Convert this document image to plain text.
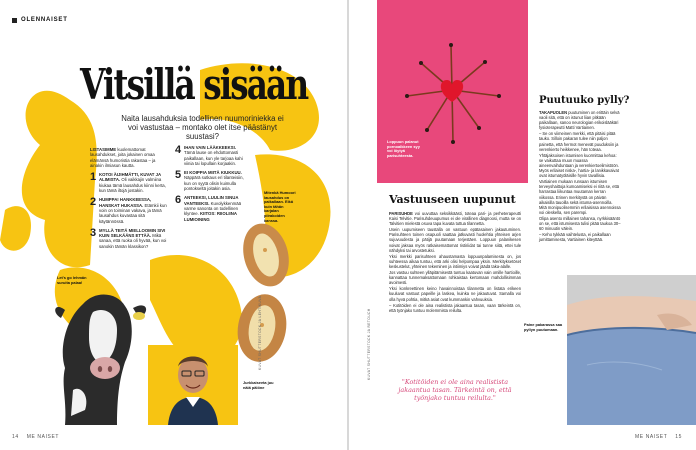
OLENNAISET
Vitsillä sisään
Naita lausahduksia todellinen nuumoriniekka ei voi vastustaa – montako olet itse päästänyt suustasi?
LISTASIMME kuolemattomat lausahdukset, joita jokainen omaa elämänsä humoristia rakastaa – ja ainakin ilmiasun kautta.
1 KOTOI ÄIJIHMÄTTI, KUVAT JA ALIMISTA. Oli vaikkajin valmiina kiukaa tämä lausahdus kiinni kerta, kun tämä iltojä jostakin.
2 HUMPPA! HANKKEESSA, HANSKAT HUKASSA. Etämkii kun voin on toiminan vakava, ja tämä lausahdus kuvastaa sitä käytännössä.
3 MYLLÄ TEITÄ MIELLOOMIN SIVI KUIN SELKÄÄNS ETTÄÄ. Mikä sanaa, että ruoka oli hyvää, kun voi sanokin tämän klassikon?
4 IHAN VAIN LÄÄKKEEKSI. Tämä lause on ehdottomasti paikallaan, kun yle tarjoaa kahi viinia tai lopullain korjaakin.
5 EI KOIPPIA MIITÄ KIUKKUU. Näppärä sutkaus eri tilanteisiin, kun on syytä olisin kuimulla pontokseltä joitakin asia.
6 ANTEEKSI, LUULIN SINUA VANTEEKSI. Kuvolykkenmää varme sanonta on todellinen klyntee. KIITOS: RIIOLIINA LUMIOINING
Let's go lehmän suruita palaa!
Mitenkä Humoori lausahdus on paikallaan. Eikä kuin tähän karjalan piirakoiden kanssa.
Jurkkaiseeta juu näiä pälöne
KUVAT SHUTTERSTOCK JA LEHTIKUVA
14 ME NAISET
Loppuun palanut pornoalkkeen syy voi löytyä parisuhteesta.
KUVAT SHUTTERSTOCK JA RETOUCH
Vastuuseen uupunut

PARISUHDE voi uuvuttaa seksikkäästi, toteaa pari- ja perheterapeutti Kaisi Telvitie. Parisuhdeuupumus ei ole virallinen diagnoosi, mutta se on Talvitien mielestä osuva tapa kuvata tuttua tilannetta.

Usein uupumiseen taustalla on vastuun epätasainen jakautuminen. Parisuhteen toinen osapuoli saattaa jatkuvasti huolehtia yhteisen arjen sujuvuudesta ja pätijä puutamaan terjestäen. Loppuun palanikesen voivat jaksaa myös ratkaisemattomat ristiriidat tai tunne siitä, ettei tule nähdyksi tai arvostetuksi.

Yksi merkki parisuhteen ahaustamasta loppuunpalamisesta on, jos suhteessa aikaa tuntuu, että arki olisi helpompaa yksin. Merkityksetöset keskustelut, yhteinen tekeminen ja intiimiys voivat jäädä taka-alalle.

Jos vastuu suhteen ylläpitämisestä tuntuu kaatuvan vain omille hartioille, kannattaa tunnemaksattomaan rohkaistaa kertomaan mahdollisimman avoimesti.

Yksi konkreettinen keino havainnoistaa tilannetta on listata erikeen kuuluvat vastuut papeille ja laskea, kuinka ne jakautuvat. Samalla voi olla hyvä pohtia, mitkä asiat ovat kummankin vahvuuksia.

– Kotitöiden ei ole aina realistista jakaantua tasan, vaan tärkeintä on, että työnjako tuntuu molemmista reilulta.

"Kotitöiden ei ole aina realistista jakaantua tasan. Tärkeintä on, että työnjako tuntuu reilulta."
Puutuuko pylly?

TAKAPUOLEN puutuminen on erittäin selvä vaoli sitä, että on istunut liian pitkään paikallaan, sanoo neurologian erikoislääkäri fysioterapeutti Matti Vartiainen.

– Se on viimeinen merkki, että pitäisi pitää tauko. Silloin pakaran tulee niin paljon painetta, että hermot menevät puuduksiin ja verenkierto heikkenee, hän toteaa.

Yhtäjaksoisen istumisen kuormittaa kehoa: se vaikuttaa muun muassa aineenvaihduntaan ja verenkiertoelimistöön. Myös erilaiset niska-, hartia- ja lanikkavaivat ovat istumatyöläisille hyvin tavallisia.

Vartiainen mukaan runsaan istumisen terveyshaittoja kumoamiseksi ei riitä se, että harrastaa liikuntaa muutaman kerran viikossa. Erinen merkitystä on päivän aikaisilla tauoilla sekä istuma-asennoilla. Mitä monipuolisemmin erilaisissa asennoissa voi oleskella, sen parempi.

Olipa asento millainen tahansa, nyrkkisääntö on se, että istumisesta tulisi pitää taukoa 30–60 minuutin välein.

– Keho tykkää vaihtelusta, ei paikallaan jumittamisesta, Vartiainen kiteyttää.

Paine pakarassa saa pyllyn puutumaan.
ME NAISET 15
